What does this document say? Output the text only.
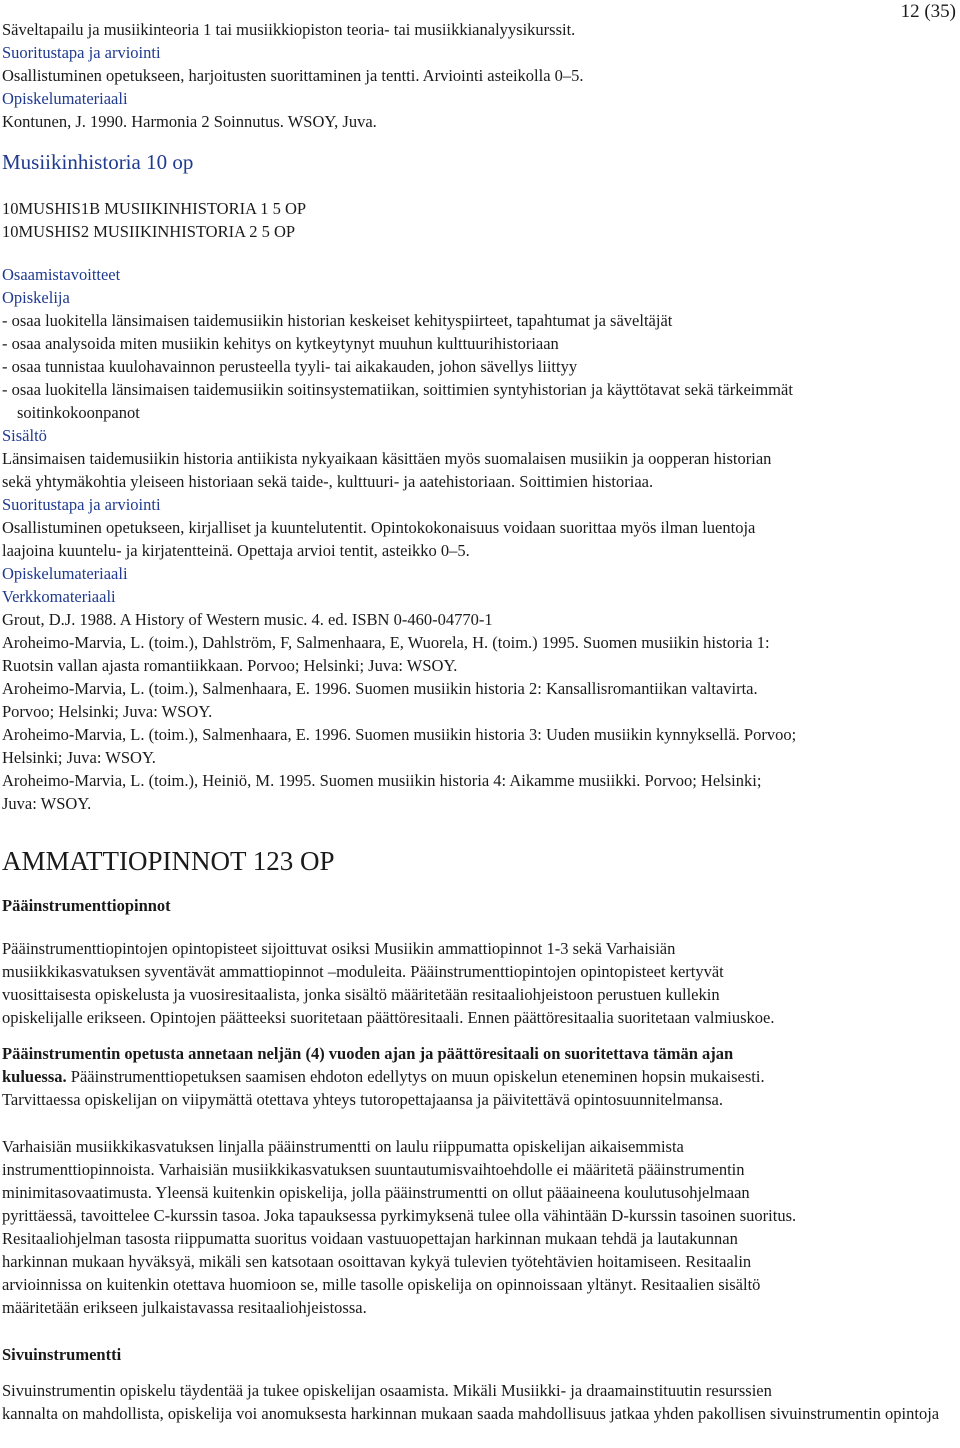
12 (35)
Säveltapailu ja musiikinteoria 1 tai musiikkiopiston teoria- tai musiikkianalyysikurssit.
Suoritustapa ja arviointi
Osallistuminen opetukseen, harjoitusten suorittaminen ja tentti. Arviointi asteikolla 0–5.
Opiskelumateriaali
Kontunen, J. 1990. Harmonia 2 Soinnutus. WSOY, Juva.
Musiikinhistoria 10 op
10MUSHIS1B MUSIIKINHISTORIA 1 5 OP
10MUSHIS2 MUSIIKINHISTORIA 2 5 OP
Osaamistavoitteet
Opiskelija
- osaa luokitella länsimaisen taidemusiikin historian keskeiset kehityspiirteet, tapahtumat ja säveltäjät
- osaa analysoida miten musiikin kehitys on kytkeytynyt muuhun kulttuurihistoriaan
- osaa tunnistaa kuulohavainnon perusteella tyyli- tai aikakauden, johon sävellys liittyy
- osaa luokitella länsimaisen taidemusiikin soitinsystematiikan, soittimien syntyhistorian ja käyttötavat sekä tärkeimmät
soitinkokoonpanot
Sisältö
Länsimaisen taidemusiikin historia antiikista nykyaikaan käsittäen myös suomalaisen musiikin ja oopperan historian
sekä yhtymäkohtia yleiseen historiaan sekä taide-, kulttuuri- ja aatehistoriaan. Soittimien historiaa.
Suoritustapa ja arviointi
Osallistuminen opetukseen, kirjalliset ja kuuntelutentit. Opintokokonaisuus voidaan suorittaa myös ilman luentoja
laajoina kuuntelu- ja kirjatentteinä. Opettaja arvioi tentit, asteikko 0–5.
Opiskelumateriaali
Verkkomateriaali
Grout, D.J. 1988. A History of Western music. 4. ed. ISBN 0-460-04770-1
Aroheimo-Marvia, L. (toim.), Dahlström, F, Salmenhaara, E, Wuorela, H. (toim.) 1995. Suomen musiikin historia 1:
Ruotsin vallan ajasta romantiikkaan. Porvoo; Helsinki; Juva: WSOY.
Aroheimo-Marvia, L. (toim.), Salmenhaara, E. 1996. Suomen musiikin historia 2: Kansallisromantiikan valtavirta.
Porvoo; Helsinki; Juva: WSOY.
Aroheimo-Marvia, L. (toim.), Salmenhaara, E. 1996. Suomen musiikin historia 3: Uuden musiikin kynnyksellä. Porvoo;
Helsinki; Juva: WSOY.
Aroheimo-Marvia, L. (toim.), Heiniö, M. 1995. Suomen musiikin historia 4: Aikamme musiikki. Porvoo; Helsinki;
Juva: WSOY.
AMMATTIOPINNOT 123 OP
Pääinstrumenttiopinnot
Pääinstrumenttiopintojen opintopisteet sijoittuvat osiksi Musiikin ammattiopinnot 1-3 sekä Varhaisiän
musiikkikasvatuksen syventävät ammattiopinnot –moduleita. Pääinstrumenttiopintojen opintopisteet kertyvät
vuosittaisesta opiskelusta ja vuosiresitaalista, jonka sisältö määritetään resitaaliohjeistoon perustuen kullekin
opiskelijalle erikseen. Opintojen päätteeksi suoritetaan päättöresitaali. Ennen päättöresitaalia suoritetaan valmiuskoe.
Pääinstrumentin opetusta annetaan neljän (4) vuoden ajan ja päättöresitaali on suoritettava tämän ajan
kuluessa. Pääinstrumenttiopetuksen saamisen ehdoton edellytys on muun opiskelun eteneminen hopsin mukaisesti.
Tarvittaessa opiskelijan on viipymättä otettava yhteys tutoropettajaansa ja päivitettävä opintosuunnitelmansa.
Varhaisiän musiikkikasvatuksen linjalla pääinstrumentti on laulu riippumatta opiskelijan aikaisemmista
instrumenttiopinnoista. Varhaisiän musiikkikasvatuksen suuntautumisvaihtoehdolle ei määritetä pääinstrumentin
minimitasovaatimusta. Yleensä kuitenkin opiskelija, jolla pääinstrumentti on ollut pääaineena koulutusohjelmaan
pyrittäessä, tavoittelee C-kurssin tasoa. Joka tapauksessa pyrkimyksenä tulee olla vähintään D-kurssin tasoinen suoritus.
Resitaaliohjelman tasosta riippumatta suoritus voidaan vastuuopettajan harkinnan mukaan tehdä ja lautakunnan
harkinnan mukaan hyväksyä, mikäli sen katsotaan osoittavan kykyä tulevien työtehtävien hoitamiseen. Resitaalin
arvioinnissa on kuitenkin otettava huomioon se, mille tasolle opiskelija on opinnoissaan yltänyt. Resitaalien sisältö
määritetään erikseen julkaistavassa resitaaliohjeistossa.
Sivuinstrumentti
Sivuinstrumentin opiskelu täydentää ja tukee opiskelijan osaamista. Mikäli Musiikki- ja draamainstituutin resurssien
kannalta on mahdollista, opiskelija voi anomuksesta harkinnan mukaan saada mahdollisuus jatkaa yhden pakollisen sivuinstrumentin opintoja
